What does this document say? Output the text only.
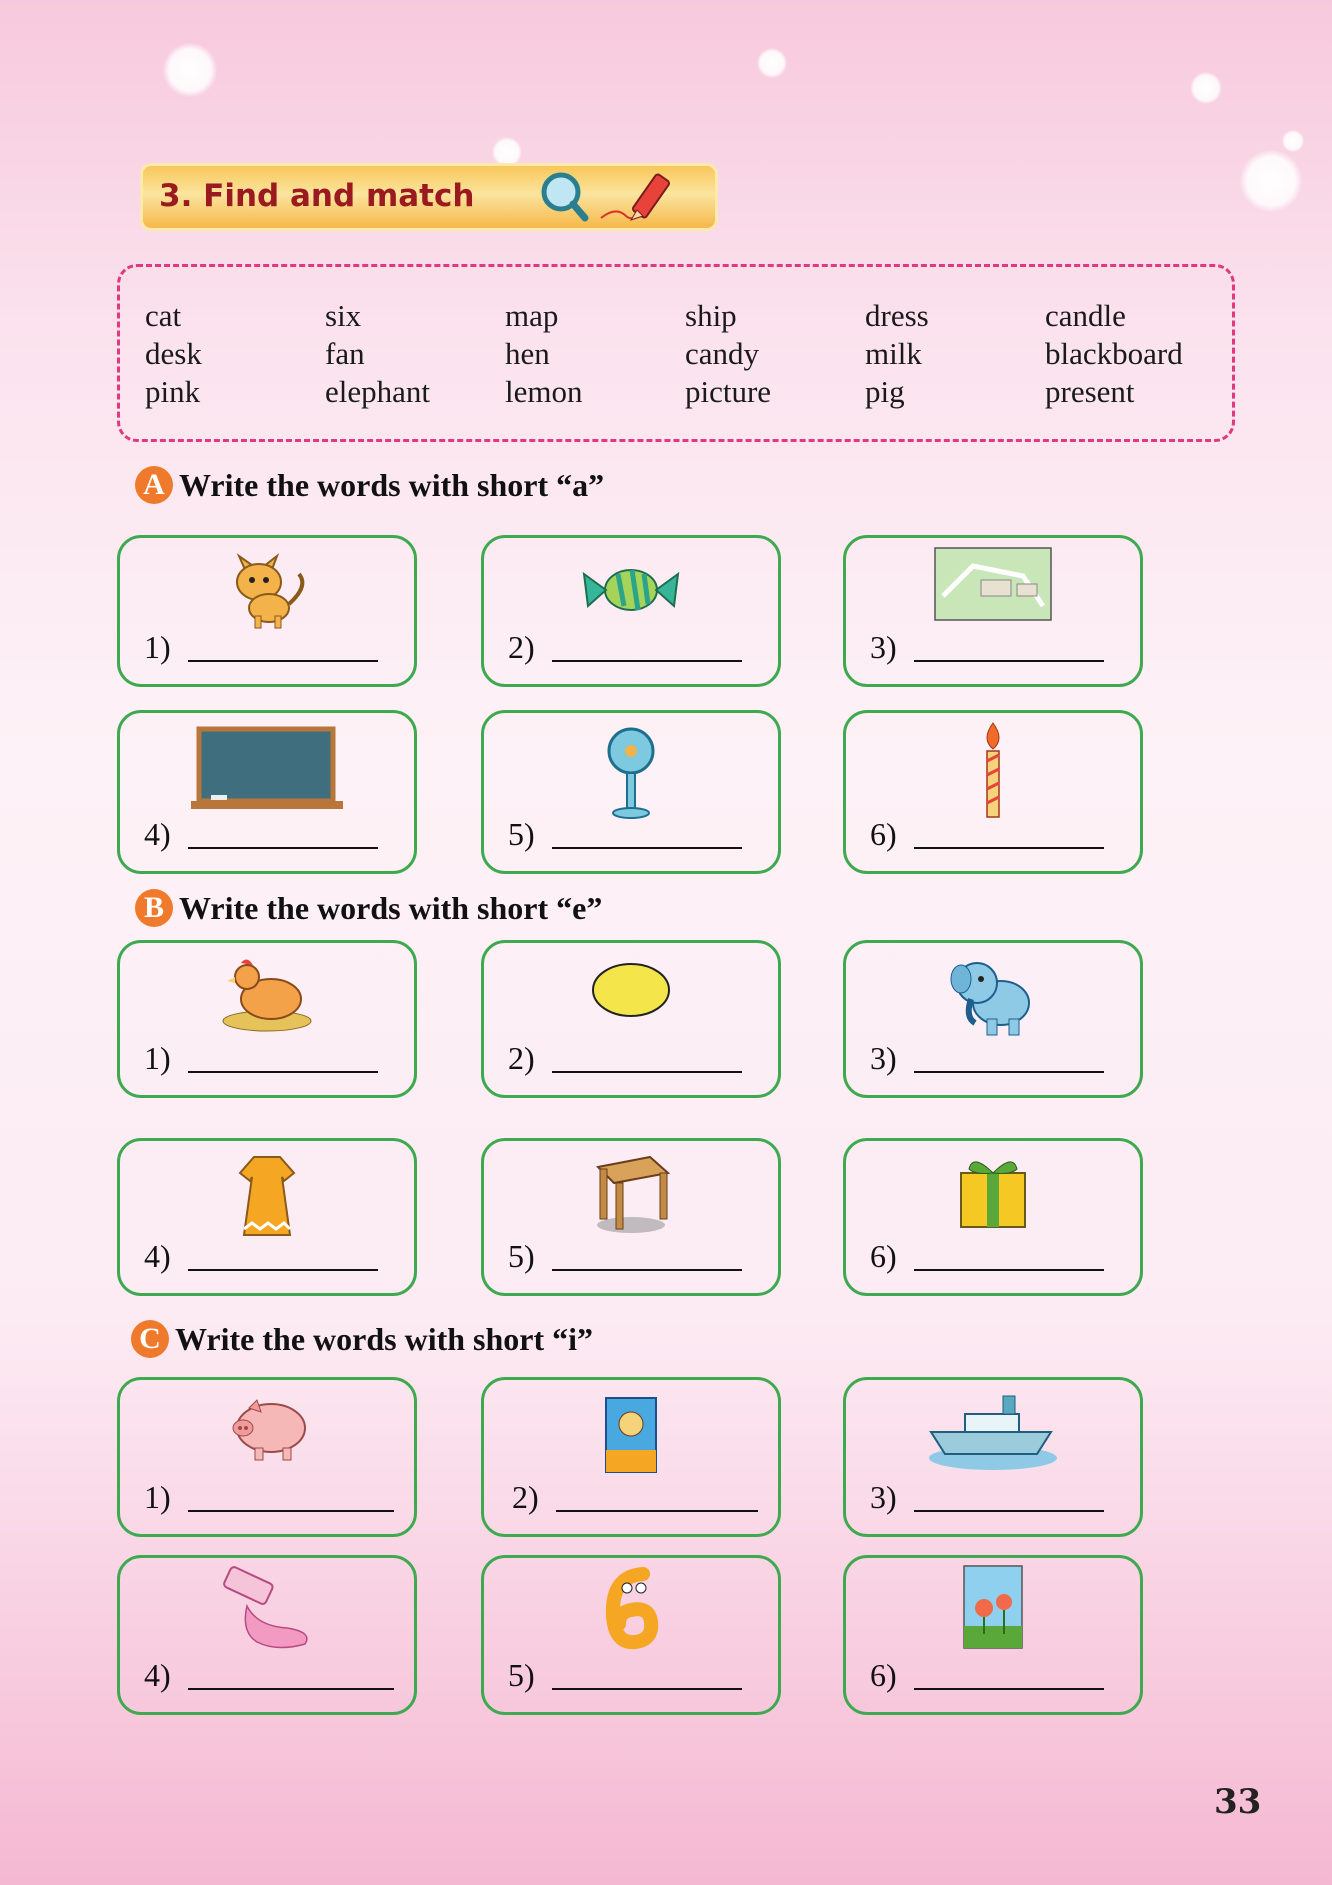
3. Find and match
cat	six	map	ship	dress	candle
desk	fan	hen	candy	milk	blackboard
pink	elephant	lemon	picture	pig	present
A Write the words with short “a”
1)	2)	3)
4)	5)	6)
B Write the words with short “e”
1)	2)	3)
4)	5)	6)
C Write the words with short “i”
1)	2)	3)
4)	5)	6)
33
